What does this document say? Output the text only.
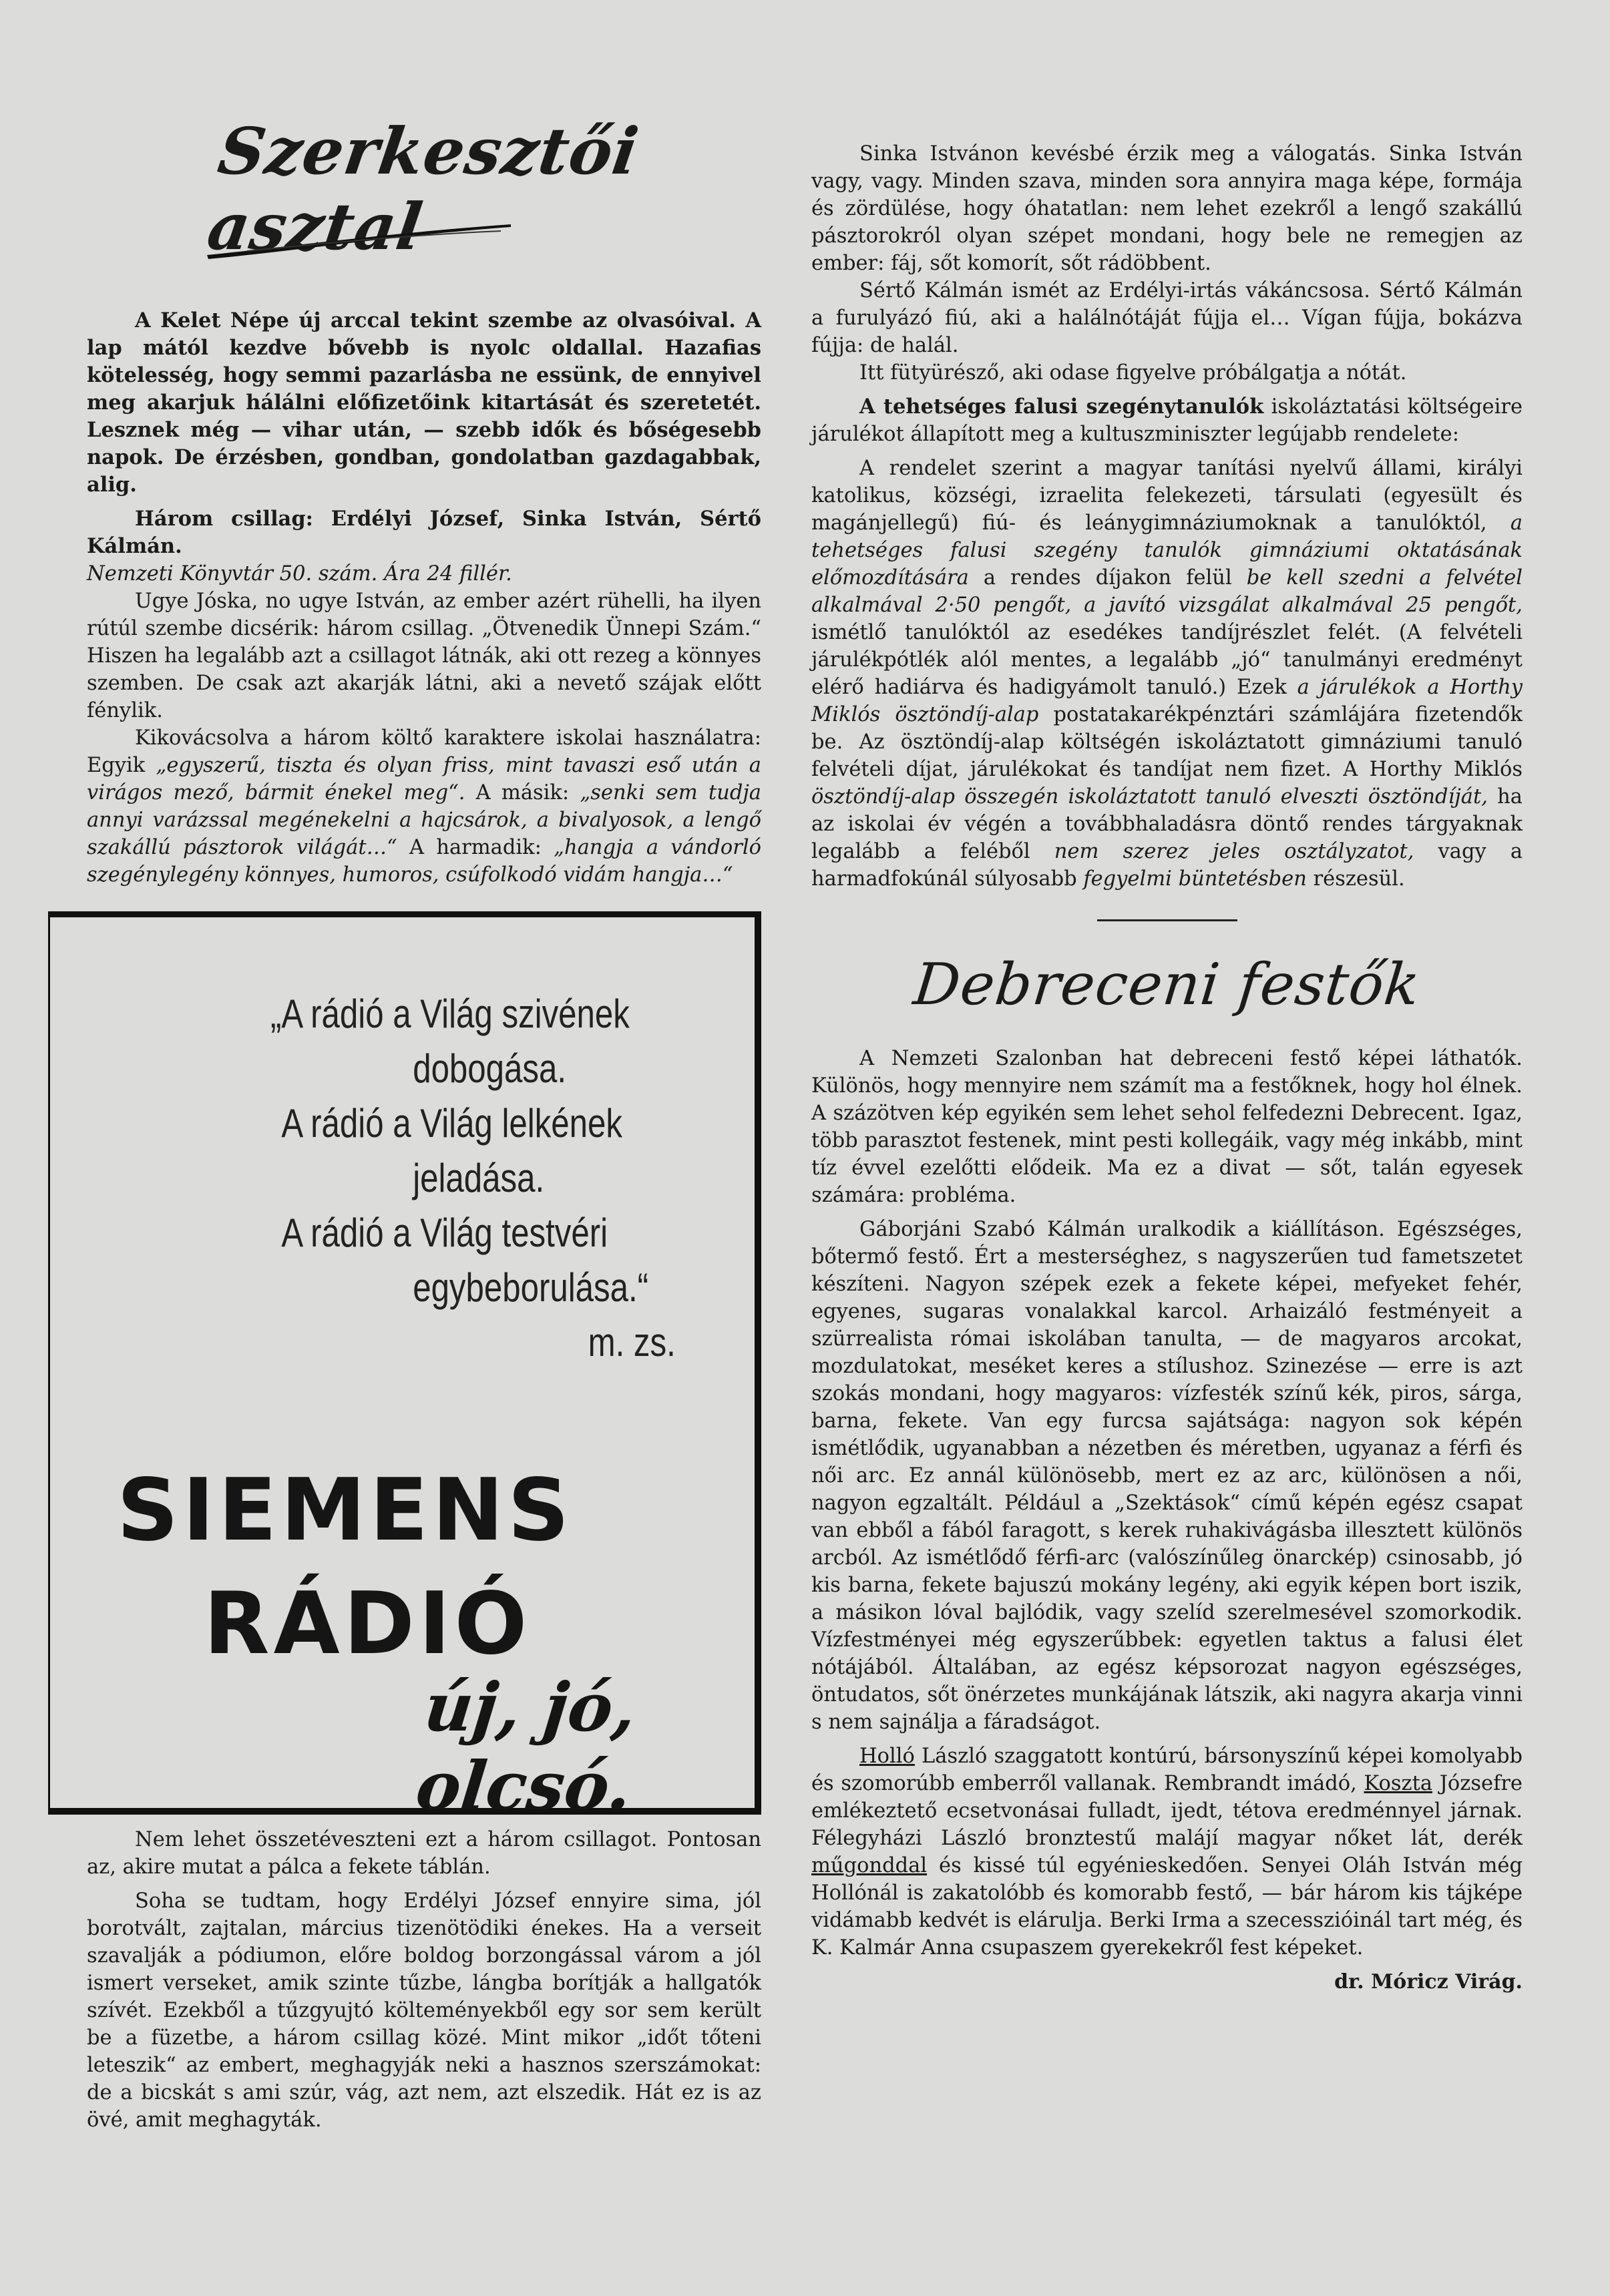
Szerkesztői asztal

A Kelet Népe új arccal tekint szembe az olvasóival. A lap mától kezdve bővebb is nyolc oldallal. Hazafias kötelesség, hogy semmi pazarlásba ne essünk, de ennyivel meg akarjuk hálálni előfizetőink kitartását és szeretetét. Lesznek még — vihar után, — szebb idők és bőségesebb napok. De érzésben, gondban, gondolatban gazdagabbak, alig.

Három csillag: Erdélyi József, Sinka István, Sértő Kálmán.

Nemzeti Könyvtár 50. szám. Ára 24 fillér.

Ugye Jóska, no ugye István, az ember azért rühelli, ha ilyen rútúl szembe dicsérik: három csillag. „Ötvenedik Ünnepi Szám.“ Hiszen ha legalább azt a csillagot látnák, aki ott rezeg a könnyes szemben. De csak azt akarják látni, aki a nevető szájak előtt fénylik.

Kikovácsolva a három költő karaktere iskolai használatra: Egyik „egyszerű, tiszta és olyan friss, mint tavaszi eső után a virágos mező, bármit énekel meg“. A másik: „senki sem tudja annyi varázssal megénekelni a hajcsárok, a bivalyosok, a lengő szakállú pásztorok világát…“ A harmadik: „hangja a vándorló szegénylegény könnyes, humoros, csúfolkodó vidám hangja…“

„A rádió a Világ szivének
dobogása.
A rádió a Világ lelkének
jeladása.
A rádió a Világ testvéri
egybeborulása.“
m. zs.
SIEMENS
RÁDIÓ
új, jó, olcsó.

Nem lehet összetéveszteni ezt a három csillagot. Pontosan az, akire mutat a pálca a fekete táblán.

Soha se tudtam, hogy Erdélyi József ennyire sima, jól borotvált, zajtalan, március tizenötödiki énekes. Ha a verseit szavalják a pódiumon, előre boldog borzongással várom a jól ismert verseket, amik szinte tűzbe, lángba borítják a hallgatók szívét. Ezekből a tűzgyujtó költeményekből egy sor sem került be a füzetbe, a három csillag közé. Mint mikor „időt tőteni leteszik“ az embert, meghagyják neki a hasznos szerszámokat: de a bicskát s ami szúr, vág, azt nem, azt elszedik. Hát ez is az övé, amit meghagyták.

Sinka Istvánon kevésbé érzik meg a válogatás. Sinka István vagy, vagy. Minden szava, minden sora annyira maga képe, formája és zördülése, hogy óhatatlan: nem lehet ezekről a lengő szakállú pásztorokról olyan szépet mondani, hogy bele ne remegjen az ember: fáj, sőt komorít, sőt rádöbbent.

Sértő Kálmán ismét az Erdélyi-irtás vákáncsosa. Sértő Kálmán a furulyázó fiú, aki a halálnótáját fújja el… Vígan fújja, bokázva fújja: de halál.

Itt fütyürésző, aki odase figyelve próbálgatja a nótát.

A tehetséges falusi szegénytanulók iskoláztatási költségeire járulékot állapított meg a kultuszminiszter legújabb rendelete:

A rendelet szerint a magyar tanítási nyelvű állami, királyi katolikus, községi, izraelita felekezeti, társulati (egyesült és magánjellegű) fiú- és leánygimnáziumoknak a tanulóktól, a tehetséges falusi szegény tanulók gimnáziumi oktatásának előmozdítására a rendes díjakon felül be kell szedni a felvétel alkalmával 2·50 pengőt, a javító vizsgálat alkalmával 25 pengőt, ismétlő tanulóktól az esedékes tandíjrészlet felét. (A felvételi járulékpótlék alól mentes, a legalább „jó“ tanulmányi eredményt elérő hadiárva és hadigyámolt tanuló.) Ezek a járulékok a Horthy Miklós ösztöndíj-alap postatakarékpénztári számlájára fizetendők be. Az ösztöndíj-alap költségén iskoláztatott gimnáziumi tanuló felvételi díjat, járulékokat és tandíjat nem fizet. A Horthy Miklós ösztöndíj-alap összegén iskoláztatott tanuló elveszti ösztöndíját, ha az iskolai év végén a továbbhaladásra döntő rendes tárgyaknak legalább a feléből nem szerez jeles osztályzatot, vagy a harmadfokúnál súlyosabb fegyelmi büntetésben részesül.

Debreceni festők

A Nemzeti Szalonban hat debreceni festő képei láthatók. Különös, hogy mennyire nem számít ma a festőknek, hogy hol élnek. A százötven kép egyikén sem lehet sehol felfedezni Debrecent. Igaz, több parasztot festenek, mint pesti kollegáik, vagy még inkább, mint tíz évvel ezelőtti elődeik. Ma ez a divat — sőt, talán egyesek számára: probléma.

Gáborjáni Szabó Kálmán uralkodik a kiállításon. Egészséges, bőtermő festő. Ért a mesterséghez, s nagyszerűen tud fametszetet készíteni. Nagyon szépek ezek a fekete képei, mefyeket fehér, egyenes, sugaras vonalakkal karcol. Arhaizáló festményeit a szürrealista római iskolában tanulta, — de magyaros arcokat, mozdulatokat, meséket keres a stílushoz. Szinezése — erre is azt szokás mondani, hogy magyaros: vízfesték színű kék, piros, sárga, barna, fekete. Van egy furcsa sajátsága: nagyon sok képén ismétlődik, ugyanabban a nézetben és méretben, ugyanaz a férfi és női arc. Ez annál különösebb, mert ez az arc, különösen a női, nagyon egzaltált. Például a „Szektások“ című képén egész csapat van ebből a fából faragott, s kerek ruhakivágásba illesztett különös arcból. Az ismétlődő férfi-arc (valószínűleg önarckép) csinosabb, jó kis barna, fekete bajuszú mokány legény, aki egyik képen bort iszik, a másikon lóval bajlódik, vagy szelíd szerelmesével szomorkodik. Vízfestményei még egyszerűbbek: egyetlen taktus a falusi élet nótájából. Általában, az egész képsorozat nagyon egészséges, öntudatos, sőt önérzetes munkájának látszik, aki nagyra akarja vinni s nem sajnálja a fáradságot.

Holló László szaggatott kontúrú, bársonyszínű képei komolyabb és szomorúbb emberről vallanak. Rembrandt imádó, Koszta Józsefre emlékeztető ecsetvonásai fulladt, ijedt, tétova eredménnyel járnak. Félegyházi László bronztestű malájí magyar nőket lát, derék műgonddal és kissé túl egyénieskedően. Senyei Oláh István még Hollónál is zakatolóbb és komorabb festő, — bár három kis tájképe vidámabb kedvét is elárulja. Berki Irma a szecesszióinál tart még, és K. Kalmár Anna csupaszem gyerekekről fest képeket.

dr. Móricz Virág.
